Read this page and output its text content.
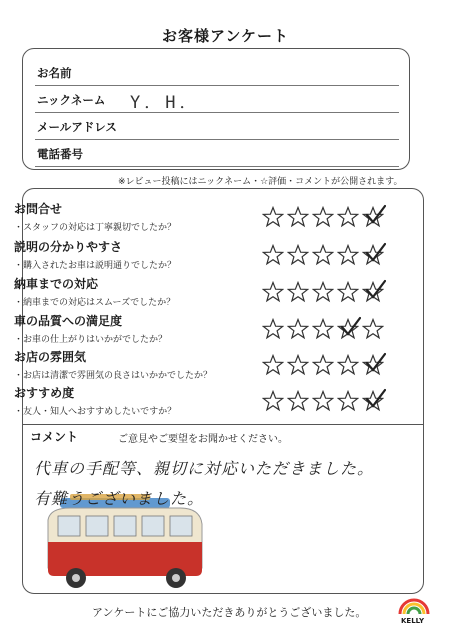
お客様アンケート
お名前
ニックネーム Y．H．
メールアドレス
電話番号
※レビュー投稿にはニックネーム・☆評価・コメントが公開されます。
お問合せ
・スタッフの対応は丁寧親切でしたか？
説明の分かりやすさ
・購入されたお車は説明通りでしたか？
納車までの対応
・納車までの対応はスムーズでしたか？
車の品質への満足度
・お車の仕上がりはいかがでしたか？
お店の雰囲気
・お店は清潔で雰囲気の良さはいかかでしたか？
おすすめ度
・友人・知人へおすすめしたいですか？
コメント	ご意見やご要望をお聞かせください。
代車の手配等、親切に対応いただきました。
有難うございました。
アンケートにご協力いただきありがとうございました。
KELLY
